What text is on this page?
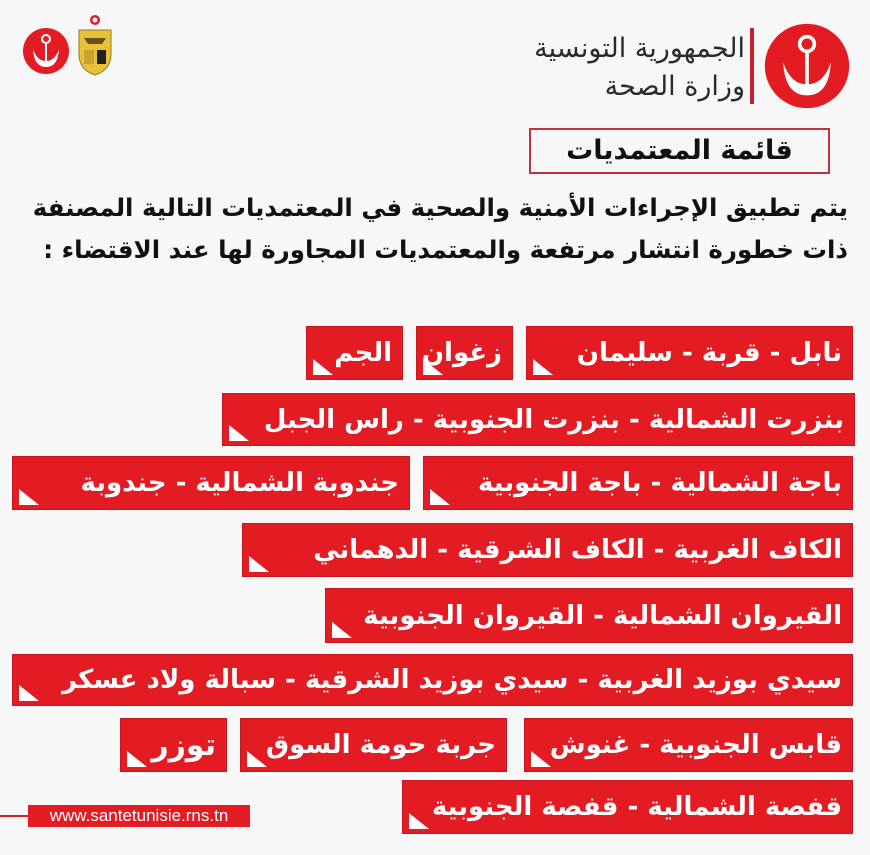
الجمهورية التونسية
وزارة الصحة
قائمة المعتمديات
يتم تطبيق الإجراءات الأمنية والصحية في المعتمديات التالية المصنفة ذات خطورة انتشار مرتفعة والمعتمديات المجاورة لها عند الاقتضاء :
نابل - قربة - سليمان
زغوان
الجم
بنزرت الشمالية - بنزرت الجنوبية - راس الجبل
باجة الشمالية - باجة الجنوبية
جندوبة الشمالية - جندوبة
الكاف الغربية - الكاف الشرقية - الدهماني
القيروان الشمالية - القيروان الجنوبية
سيدي بوزيد الغربية - سيدي بوزيد الشرقية - سبالة ولاد عسكر
قابس الجنوبية - غنوش
جربة حومة السوق
توزر
قفصة الشمالية - قفصة الجنوبية
www.santetunisie.rns.tn
